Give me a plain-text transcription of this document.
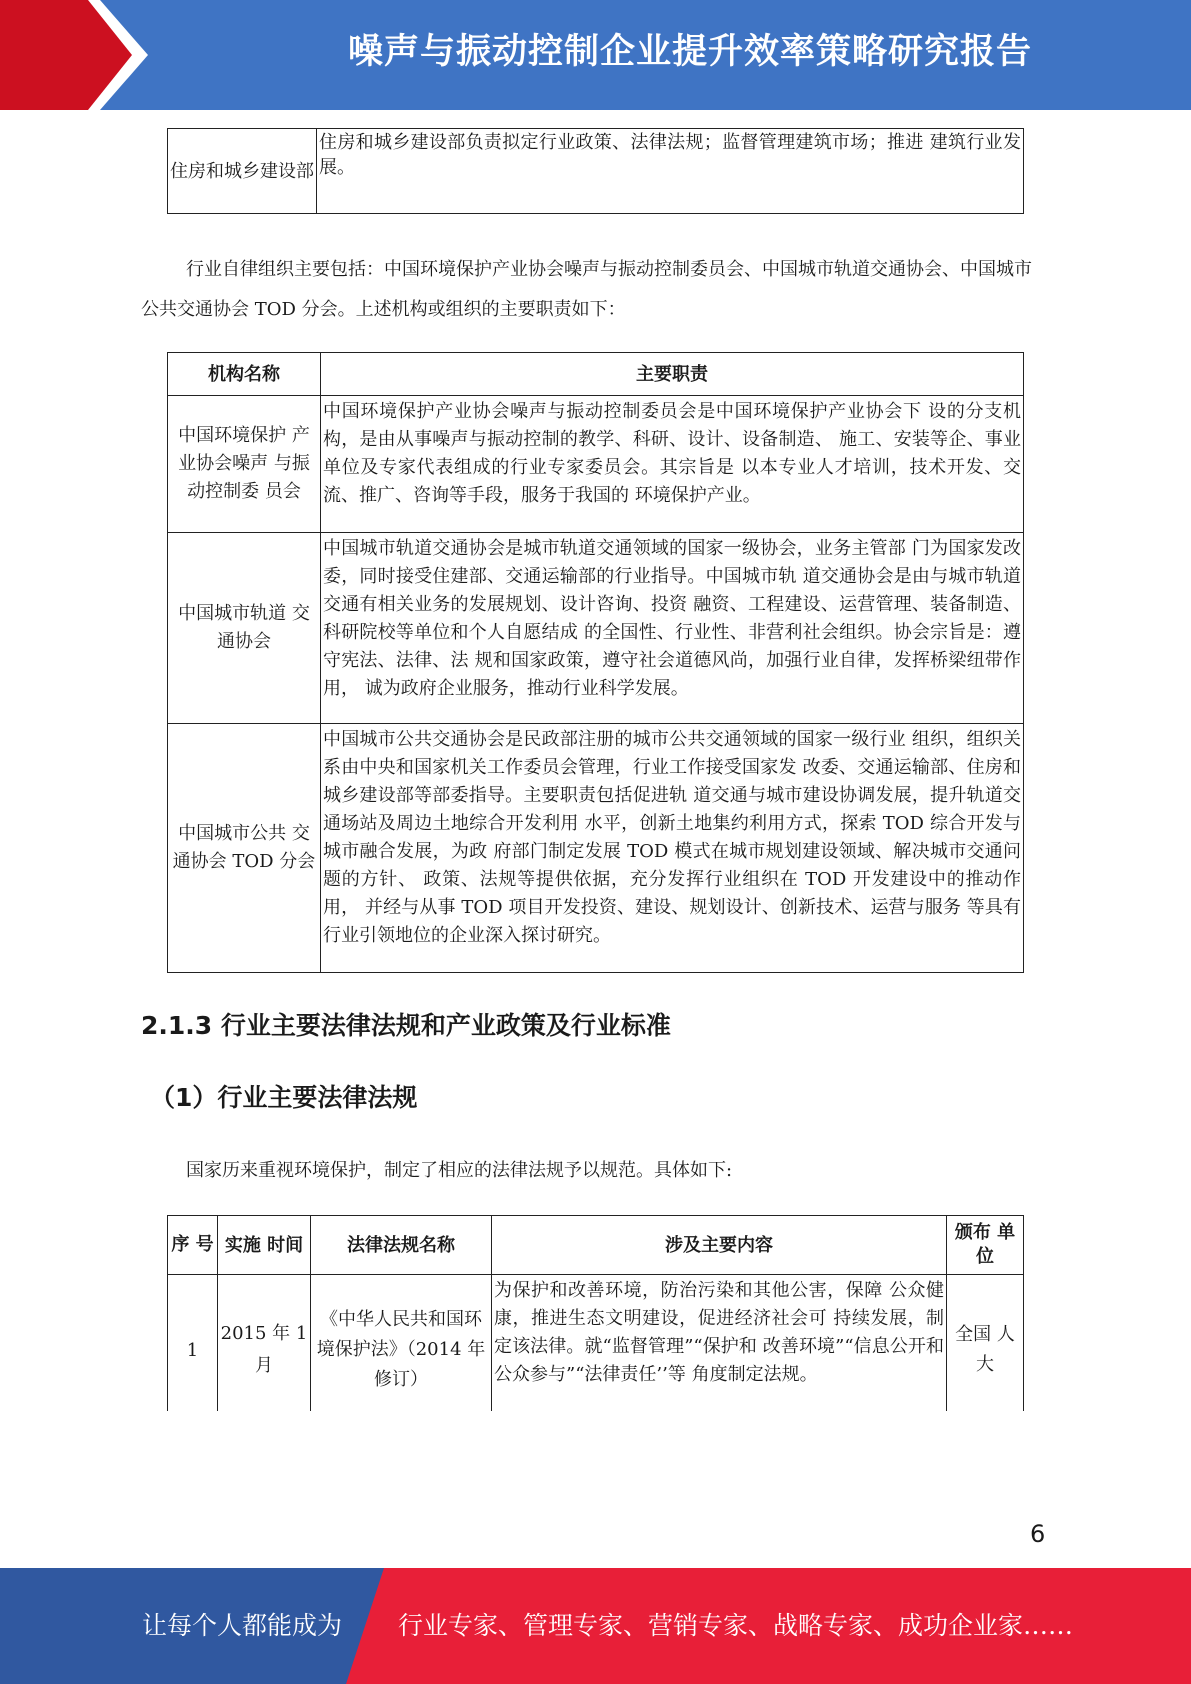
噪声与振动控制企业提升效率策略研究报告
住房和城乡建设部	住房和城乡建设部负责拟定行业政策、法律法规；监督管理建筑市场；推进 建筑行业发展。
行业自律组织主要包括：中国环境保护产业协会噪声与振动控制委员会、中国城市轨道交通协会、中国城市公共交通协会 TOD 分会。上述机构或组织的主要职责如下：
机构名称	主要职责
中国环境保护 产业协会噪声 与振动控制委 员会	中国环境保护产业协会噪声与振动控制委员会是中国环境保护产业协会下 设的分支机构，是由从事噪声与振动控制的教学、科研、设计、设备制造、 施工、安装等企、事业单位及专家代表组成的行业专家委员会。其宗旨是 以本专业人才培训，技术开发、交流、推广、咨询等手段，服务于我国的 环境保护产业。
中国城市轨道 交通协会	中国城市轨道交通协会是城市轨道交通领域的国家一级协会，业务主管部 门为国家发改委，同时接受住建部、交通运输部的行业指导。中国城市轨 道交通协会是由与城市轨道交通有相关业务的发展规划、设计咨询、投资 融资、工程建设、运营管理、装备制造、科研院校等单位和个人自愿结成 的全国性、行业性、非营利社会组织。协会宗旨是：遵守宪法、法律、法 规和国家政策，遵守社会道德风尚，加强行业自律，发挥桥梁纽带作用， 诚为政府企业服务，推动行业科学发展。
中国城市公共 交通协会 TOD 分会	中国城市公共交通协会是民政部注册的城市公共交通领域的国家一级行业 组织，组织关系由中央和国家机关工作委员会管理，行业工作接受国家发 改委、交通运输部、住房和城乡建设部等部委指导。主要职责包括促进轨 道交通与城市建设协调发展，提升轨道交通场站及周边土地综合开发利用 水平，创新土地集约利用方式，探索 TOD 综合开发与城市融合发展，为政 府部门制定发展 TOD 模式在城市规划建设领域、解决城市交通问题的方针、 政策、法规等提供依据，充分发挥行业组织在 TOD 开发建设中的推动作用， 并经与从事 TOD 项目开发投资、建设、规划设计、创新技术、运营与服务 等具有行业引领地位的企业深入探讨研究。
2.1.3 行业主要法律法规和产业政策及行业标准
（1）行业主要法律法规
国家历来重视环境保护，制定了相应的法律法规予以规范。具体如下:
序 号	实施 时间	法律法规名称	涉及主要内容	颁布 单位
1	2015 年 1月	《中华人民共和国环境保护法》（2014 年修订）	为保护和改善环境，防治污染和其他公害，保障 公众健康，推进生态文明建设，促进经济社会可 持续发展，制定该法律。就“监督管理”“保护和 改善环境”“信息公开和公众参与”“法律责任’’等 角度制定法规。	全国 人大
6
让每个人都能成为 行业专家、管理专家、营销专家、战略专家、成功企业家……
